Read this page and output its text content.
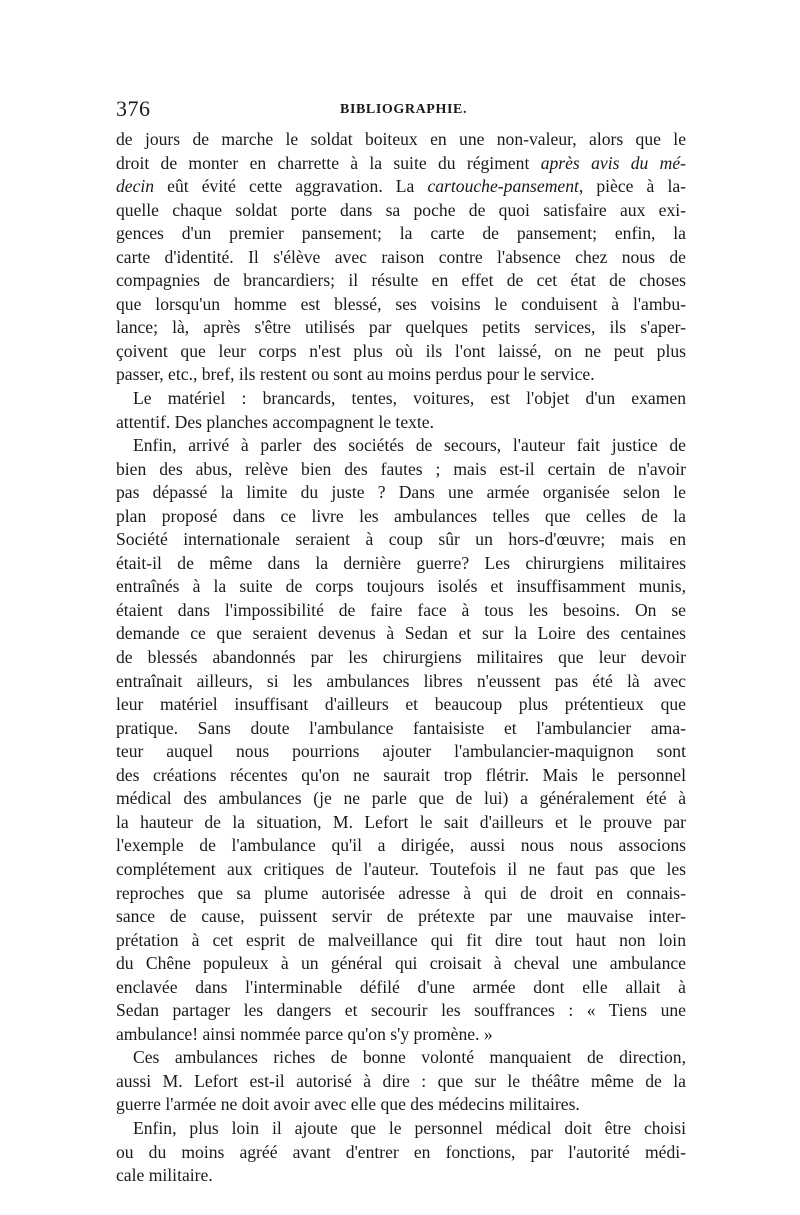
376	BIBLIOGRAPHIE.
de jours de marche le soldat boiteux en une non-valeur, alors que le
droit de monter en charrette à la suite du régiment après avis du mé-
decin eût évité cette aggravation. La cartouche-pansement, pièce à la-
quelle chaque soldat porte dans sa poche de quoi satisfaire aux exi-
gences d'un premier pansement; la carte de pansement; enfin, la
carte d'identité. Il s'élève avec raison contre l'absence chez nous de
compagnies de brancardiers; il résulte en effet de cet état de choses
que lorsqu'un homme est blessé, ses voisins le conduisent à l'ambu-
lance; là, après s'être utilisés par quelques petits services, ils s'aper-
çoivent que leur corps n'est plus où ils l'ont laissé, on ne peut plus
passer, etc., bref, ils restent ou sont au moins perdus pour le service.
Le matériel : brancards, tentes, voitures, est l'objet d'un examen
attentif. Des planches accompagnent le texte.
Enfin, arrivé à parler des sociétés de secours, l'auteur fait justice de
bien des abus, relève bien des fautes ; mais est-il certain de n'avoir
pas dépassé la limite du juste ? Dans une armée organisée selon le
plan proposé dans ce livre les ambulances telles que celles de la
Société internationale seraient à coup sûr un hors-d'œuvre; mais en
était-il de même dans la dernière guerre? Les chirurgiens militaires
entraînés à la suite de corps toujours isolés et insuffisamment munis,
étaient dans l'impossibilité de faire face à tous les besoins. On se
demande ce que seraient devenus à Sedan et sur la Loire des centaines
de blessés abandonnés par les chirurgiens militaires que leur devoir
entraînait ailleurs, si les ambulances libres n'eussent pas été là avec
leur matériel insuffisant d'ailleurs et beaucoup plus prétentieux que
pratique. Sans doute l'ambulance fantaisiste et l'ambulancier ama-
teur auquel nous pourrions ajouter l'ambulancier-maquignon sont
des créations récentes qu'on ne saurait trop flétrir. Mais le personnel
médical des ambulances (je ne parle que de lui) a généralement été à
la hauteur de la situation, M. Lefort le sait d'ailleurs et le prouve par
l'exemple de l'ambulance qu'il a dirigée, aussi nous nous associons
complétement aux critiques de l'auteur. Toutefois il ne faut pas que les
reproches que sa plume autorisée adresse à qui de droit en connais-
sance de cause, puissent servir de prétexte par une mauvaise inter-
prétation à cet esprit de malveillance qui fit dire tout haut non loin
du Chêne populeux à un général qui croisait à cheval une ambulance
enclavée dans l'interminable défilé d'une armée dont elle allait à
Sedan partager les dangers et secourir les souffrances : « Tiens une
ambulance! ainsi nommée parce qu'on s'y promène. »
Ces ambulances riches de bonne volonté manquaient de direction,
aussi M. Lefort est-il autorisé à dire : que sur le théâtre même de la
guerre l'armée ne doit avoir avec elle que des médecins militaires.
Enfin, plus loin il ajoute que le personnel médical doit être choisi
ou du moins agréé avant d'entrer en fonctions, par l'autorité médi-
cale militaire.
